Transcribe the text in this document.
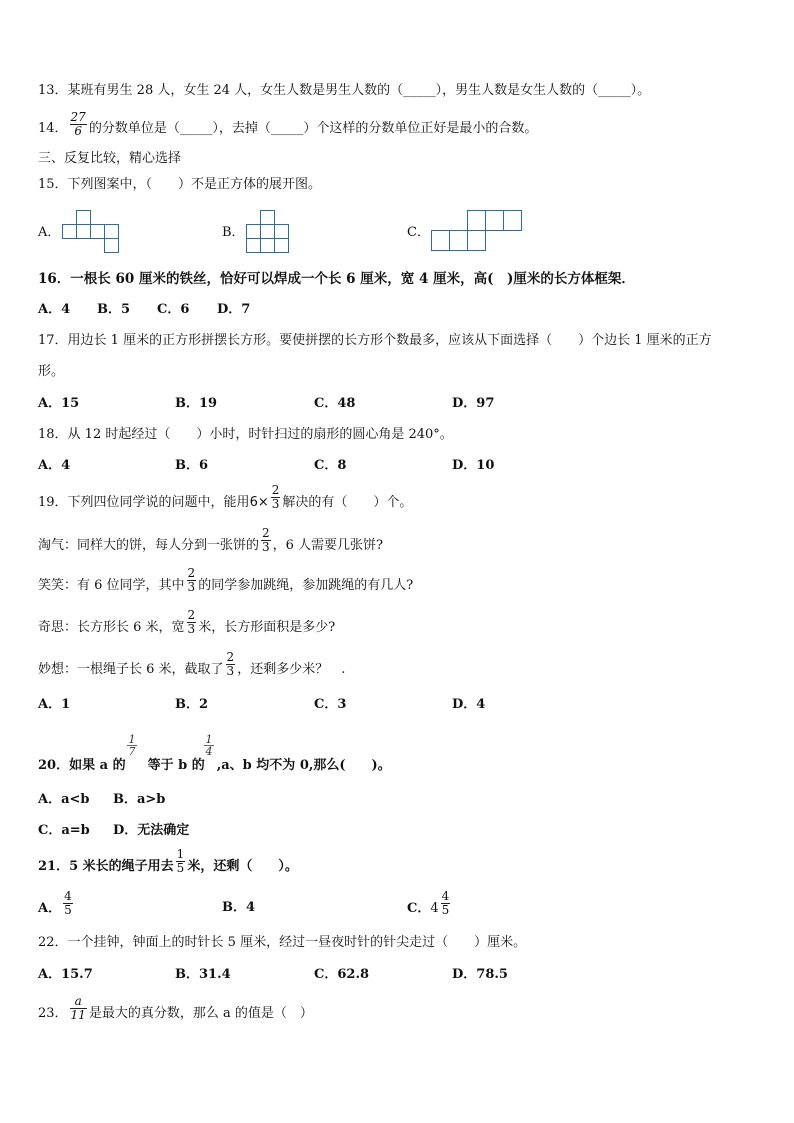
13．某班有男生 28 人，女生 24 人，女生人数是男生人数的（_____），男生人数是女生人数的（_____）。
14． $\frac{27}{6}$ 的分数单位是（_____），去掉（_____）个这样的分数单位正好是最小的合数。
三、反复比较，精心选择
15．下列图案中，（　　）不是正方体的展开图。
A．	B．	C．
16．一根长 60 厘米的铁丝，恰好可以焊成一个长 6 厘米，宽 4 厘米，高(　)厘米的长方体框架．
A．4 B．5 C．6 D．7
17．用边长 1 厘米的正方形拼摆长方形。要使拼摆的长方形个数最多，应该从下面选择（　　）个边长 1 厘米的正方
形。
A．15	B．19	C．48	D．97
18．从 12 时起经过（　　）小时，时针扫过的扇形的圆心角是 240°。
A．4	B．6	C．8	D．10
19．下列四位同学说的问题中，能用$6\times \frac{2}{3}$ 解决的有（　　）个。
淘气：同样大的饼，每人分到一张饼的 $\frac{2}{3}$ ，6 人需要几张饼?
笑笑：有 6 位同学，其中 $\frac{2}{3}$ 的同学参加跳绳，参加跳绳的有几人?
奇思：长方形长 6 米，宽 $\frac{2}{3}$ 米，长方形面积是多少?
妙想：一根绳子长 6 米，截取了 $\frac{2}{3}$ ，还剩多少米？　.
A．1	B．2	C．3	D．4
1
7
1
4
20．如果 a 的 等于 b 的 ,a、b 均不为 0,那么(　　)。
A．a<b B．a>b
C．a=b D．无法确定
21．5 米长的绳子用去 $\frac{1}{5}$ 米，还剩（　　）。
A． $\frac{4}{5}$	B．4	C．$4 \frac{4}{5}$
22．一个挂钟，钟面上的时针长 5 厘米，经过一昼夜时针的针尖走过（　　）厘米。
A．15.7	B．31.4	C．62.8	D．78.5
23． $\frac{a}{11}$ 是最大的真分数，那么 a 的值是（　）
